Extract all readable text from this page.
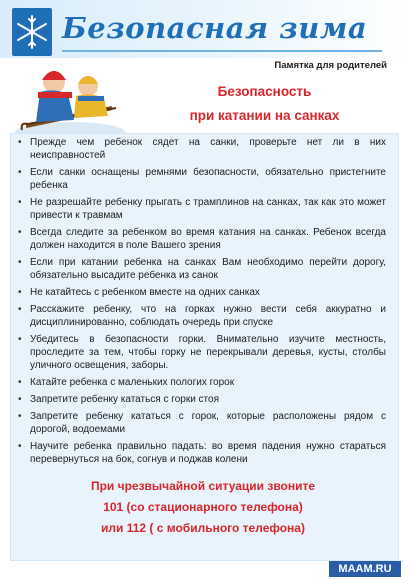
Безопасная зима
Памятка для родителей
Безопасность
при катании на санках
• Прежде чем ребенок сядет на санки, проверьте нет ли в них неисправностей
• Если санки оснащены ремнями безопасности, обязательно пристегните ребенка
• Не разрешайте ребенку прыгать с трамплинов на санках, так как это может привести к травмам
• Всегда следите за ребенком во время катания на санках. Ребенок всегда должен находится в поле Вашего зрения
• Если при катании ребенка на санках Вам необходимо перейти дорогу, обязательно высадите ребенка из санок
• Не катайтесь с ребенком вместе на одних санках
• Расскажите ребенку, что на горках нужно вести себя аккуратно и дисциплинированно, соблюдать очередь при спуске
• Убедитесь в безопасности горки. Внимательно изучите местность, проследите за тем, чтобы горку не перекрывали деревья, кусты, столбы уличного освещения, заборы.
• Катайте ребенка с маленьких пологих горок
• Запретите ребенку кататься с горки стоя
• Запретите ребенку кататься с горок, которые расположены рядом с дорогой, водоемами
• Научите ребенка правильно падать: во время падения нужно стараться перевернуться на бок, согнув и поджав колени
При чрезвычайной ситуации звоните
101 (со стационарного телефона)
или 112 ( с мобильного телефона)
MAAM.RU
